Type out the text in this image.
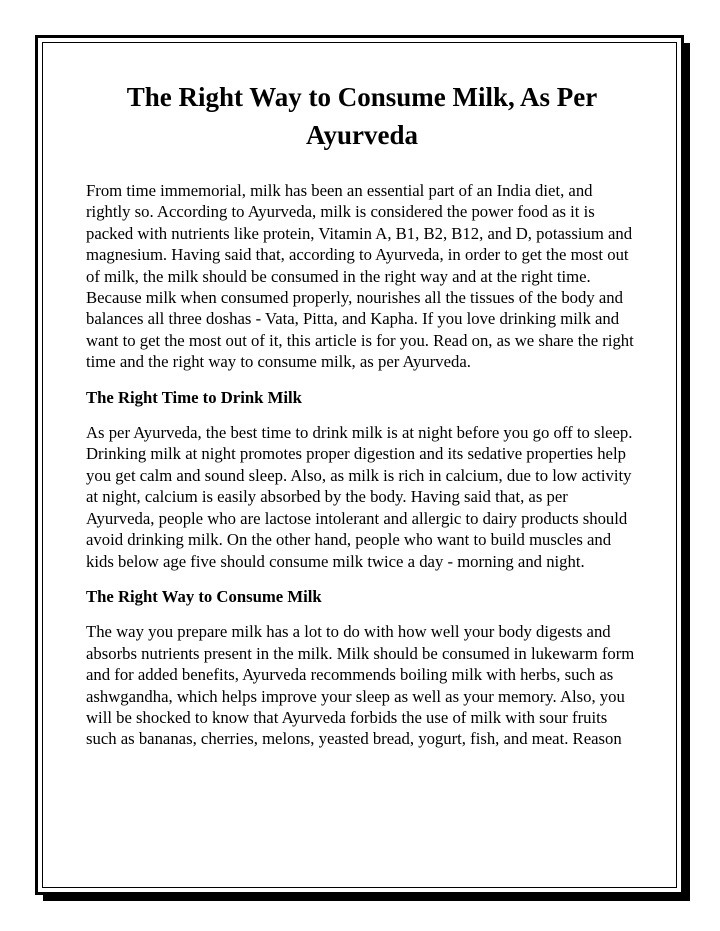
The Right Way to Consume Milk, As Per Ayurveda

From time immemorial, milk has been an essential part of an India diet, and rightly so. According to Ayurveda, milk is considered the power food as it is packed with nutrients like protein, Vitamin A, B1, B2, B12, and D, potassium and magnesium. Having said that, according to Ayurveda, in order to get the most out of milk, the milk should be consumed in the right way and at the right time. Because milk when consumed properly, nourishes all the tissues of the body and balances all three doshas - Vata, Pitta, and Kapha. If you love drinking milk and want to get the most out of it, this article is for you. Read on, as we share the right time and the right way to consume milk, as per Ayurveda.

The Right Time to Drink Milk

As per Ayurveda, the best time to drink milk is at night before you go off to sleep. Drinking milk at night promotes proper digestion and its sedative properties help you get calm and sound sleep. Also, as milk is rich in calcium, due to low activity at night, calcium is easily absorbed by the body. Having said that, as per Ayurveda, people who are lactose intolerant and allergic to dairy products should avoid drinking milk. On the other hand, people who want to build muscles and kids below age five should consume milk twice a day - morning and night.

The Right Way to Consume Milk

The way you prepare milk has a lot to do with how well your body digests and absorbs nutrients present in the milk. Milk should be consumed in lukewarm form and for added benefits, Ayurveda recommends boiling milk with herbs, such as ashwgandha, which helps improve your sleep as well as your memory. Also, you will be shocked to know that Ayurveda forbids the use of milk with sour fruits such as bananas, cherries, melons, yeasted bread, yogurt, fish, and meat. Reason
